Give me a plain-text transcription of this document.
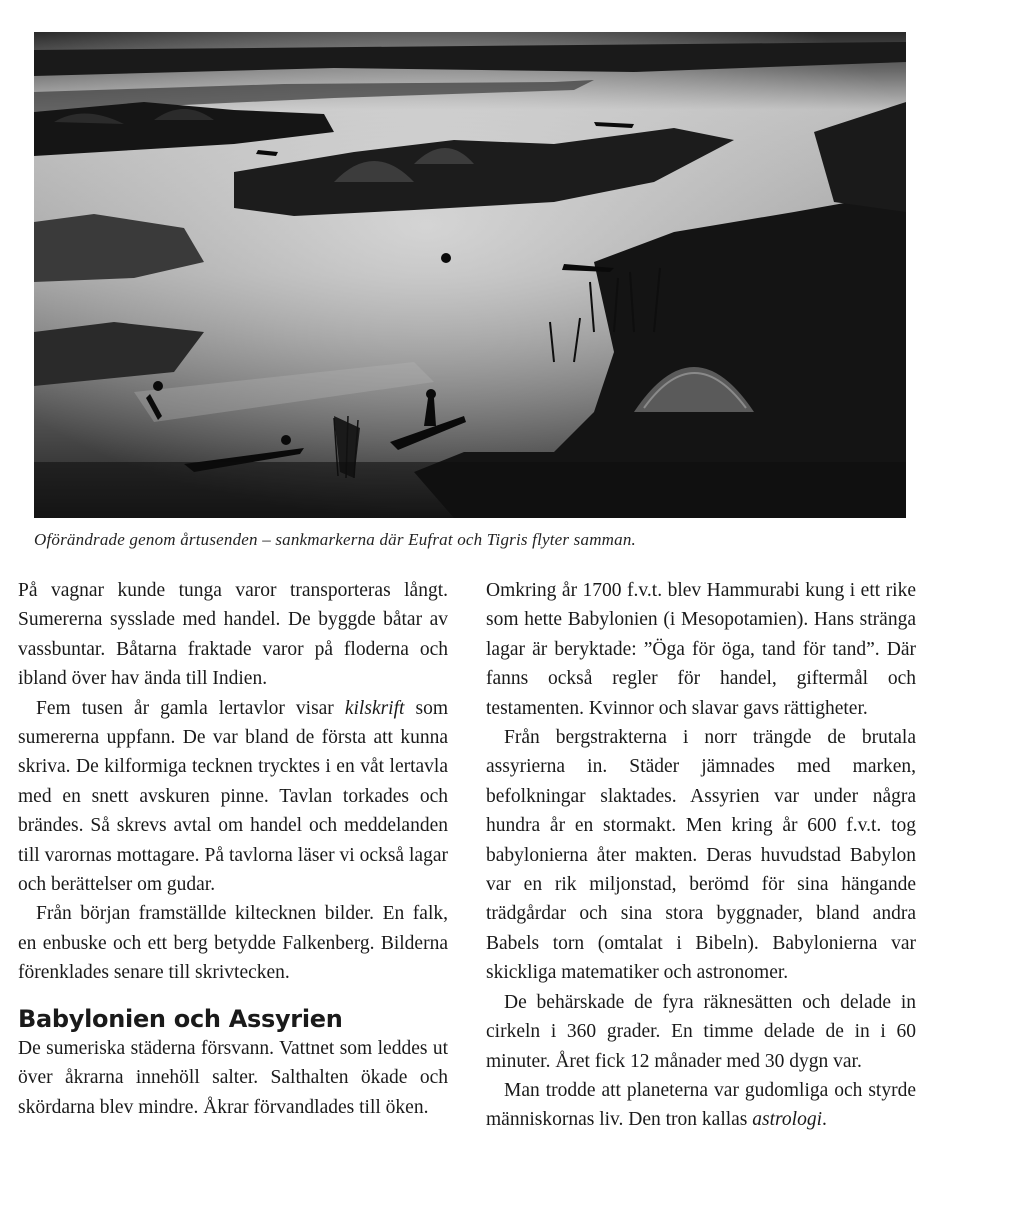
Oförändrade genom årtusenden – sankmarkerna där Eufrat och Tigris flyter samman.

På vagnar kunde tunga varor transporteras långt. Sumererna sysslade med handel. De byggde båtar av vassbuntar. Båtarna fraktade varor på floderna och ibland över hav ända till Indien.

Fem tusen år gamla lertavlor visar kilskrift som sumererna uppfann. De var bland de första att kunna skriva. De kilformiga tecknen trycktes i en våt lertavla med en snett avskuren pinne. Tavlan torkades och brändes. Så skrevs avtal om handel och meddelanden till varornas mottagare. På tavlorna läser vi också lagar och berättelser om gudar.

Från början framställde kiltecknen bilder. En falk, en enbuske och ett berg betydde Falkenberg. Bilderna förenklades senare till skrivtecken.

Babylonien och Assyrien

De sumeriska städerna försvann. Vattnet som leddes ut över åkrarna innehöll salter. Salthalten ökade och skördarna blev mindre. Åkrar förvandlades till öken.

Omkring år 1700 f.v.t. blev Hammurabi kung i ett rike som hette Babylonien (i Mesopotamien). Hans stränga lagar är beryktade: ”Öga för öga, tand för tand”. Där fanns också regler för handel, giftermål och testamenten. Kvinnor och slavar gavs rättigheter.

Från bergstrakterna i norr trängde de brutala assyrierna in. Städer jämnades med marken, befolkningar slaktades. Assyrien var under några hundra år en stormakt. Men kring år 600 f.v.t. tog babylonierna åter makten. Deras huvudstad Babylon var en rik miljonstad, berömd för sina hängande trädgårdar och sina stora byggnader, bland andra Babels torn (omtalat i Bibeln). Babylonierna var skickliga matematiker och astronomer.

De behärskade de fyra räknesätten och delade in cirkeln i 360 grader. En timme delade de in i 60 minuter. Året fick 12 månader med 30 dygn var.

Man trodde att planeterna var gudomliga och styrde människornas liv. Den tron kallas astrologi.
